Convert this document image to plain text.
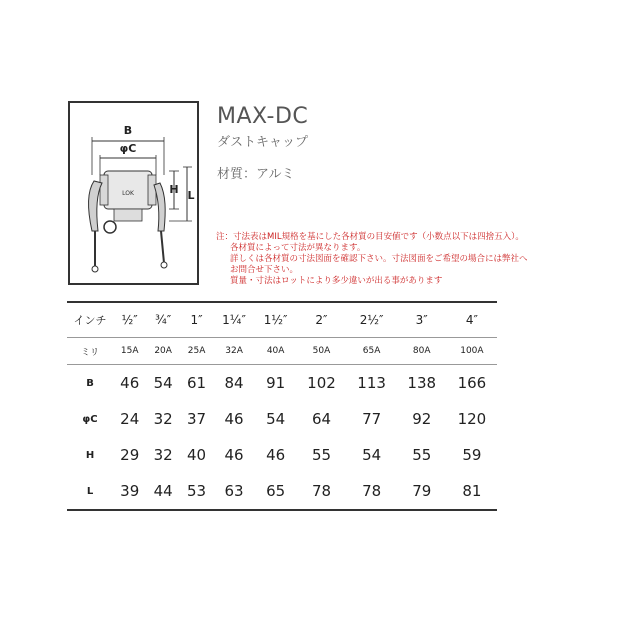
B
φC
H L
LOK
MAX-DC
ダストキャップ
材質：アルミ
注：寸法表はMIL規格を基にした各材質の目安値です（小数点以下は四捨五入）。
各材質によって寸法が異なります。
詳しくは各材質の寸法図面を確認下さい。寸法図面をご希望の場合には弊社へ
お問合せ下さい。
質量・寸法はロットにより多少違いが出る事があります
インチ	½″	¾″	1″	1¼″	1½″	2″	2½″	3″	4″
ミリ	15A	20A	25A	32A	40A	50A	65A	80A	100A
B	46	54	61	84	91	102	113	138	166
φC	24	32	37	46	54	64	77	92	120
H	29	32	40	46	46	55	54	55	59
L	39	44	53	63	65	78	78	79	81
